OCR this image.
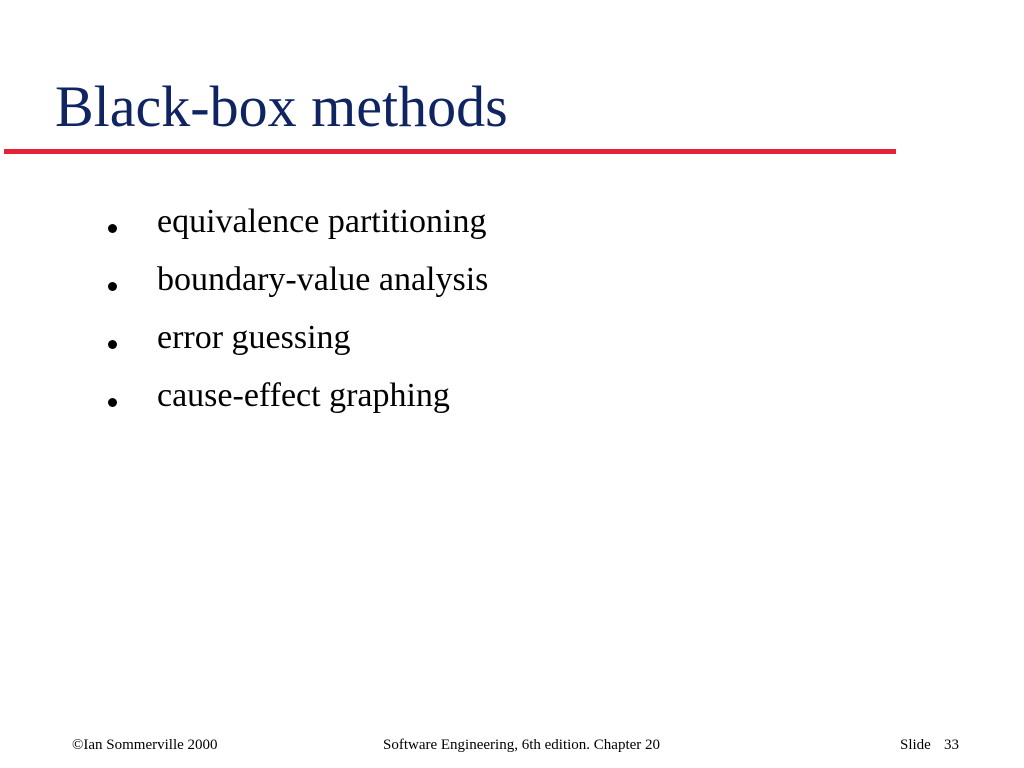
Black-box methods
equivalence partitioning
boundary-value analysis
error guessing
cause-effect graphing
©Ian Sommerville 2000	Software Engineering, 6th edition. Chapter 20	Slide 33
